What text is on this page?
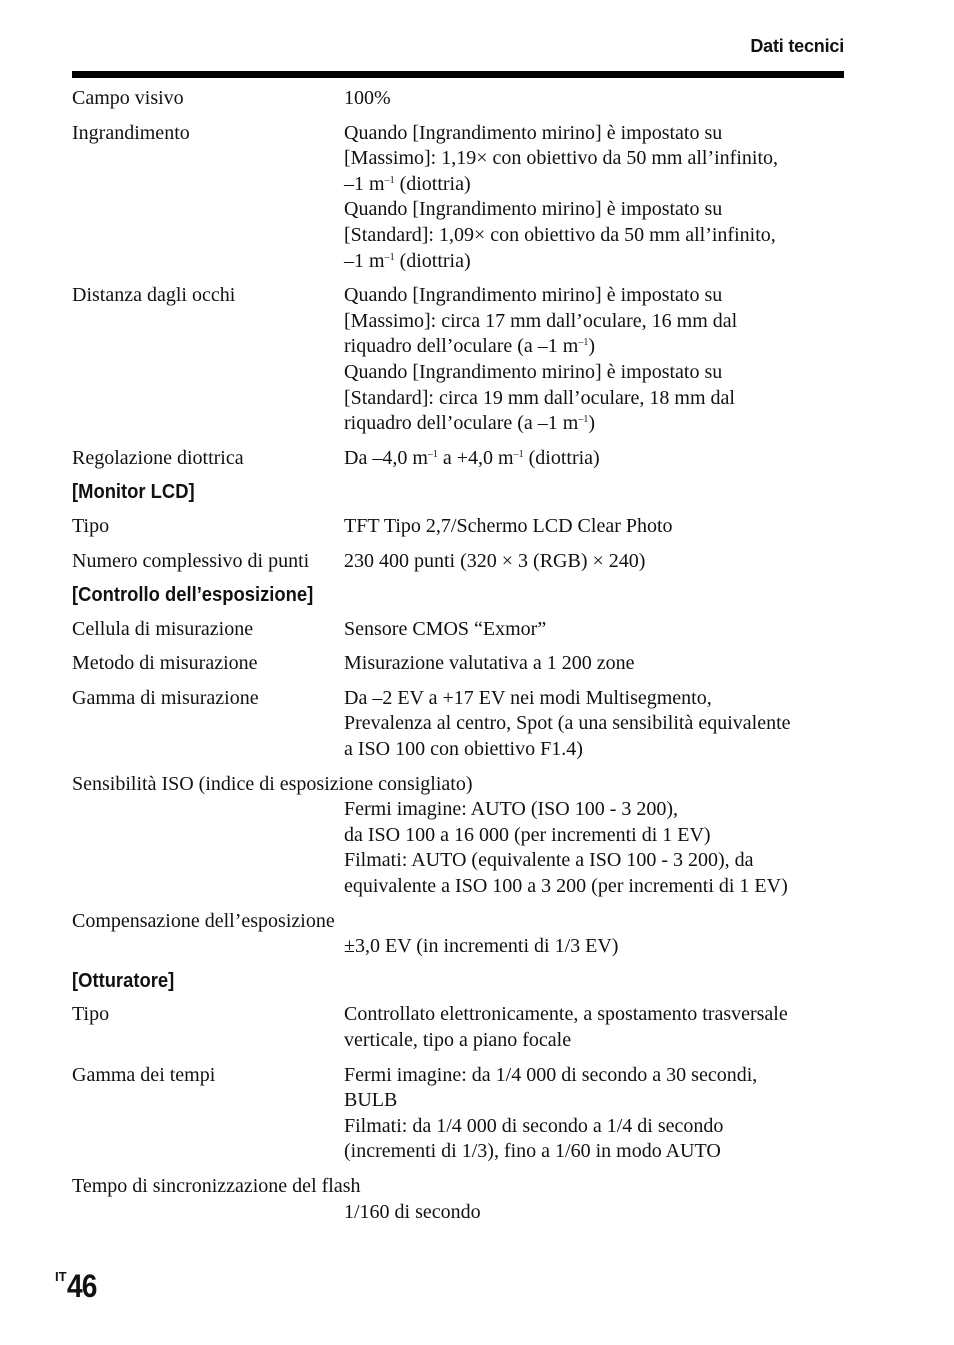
Dati tecnici
Campo visivo	100%
Ingrandimento	Quando [Ingrandimento mirino] è impostato su
[Massimo]: 1,19× con obiettivo da 50 mm all’infinito,
–1 $m^{-1}$ (diottria)
Quando [Ingrandimento mirino] è impostato su
[Standard]: 1,09× con obiettivo da 50 mm all’infinito,
–1 $m^{-1}$ (diottria)
Distanza dagli occhi	Quando [Ingrandimento mirino] è impostato su
[Massimo]: circa 17 mm dall’oculare, 16 mm dal
riquadro dell’oculare (a –1 $m^{-1}$)
Quando [Ingrandimento mirino] è impostato su
[Standard]: circa 19 mm dall’oculare, 18 mm dal
riquadro dell’oculare (a –1 $m^{-1}$)
Regolazione diottrica	Da –4,0 $m^{-1}$ a +4,0 $m^{-1}$ (diottria)
[Monitor LCD]
Tipo	TFT Tipo 2,7/Schermo LCD Clear Photo
Numero complessivo di punti	230 400 punti (320 × 3 (RGB) × 240)
[Controllo dell’esposizione]
Cellula di misurazione	Sensore CMOS “Exmor”
Metodo di misurazione	Misurazione valutativa a 1 200 zone
Gamma di misurazione	Da –2 EV a +17 EV nei modi Multisegmento,
Prevalenza al centro, Spot (a una sensibilità equivalente
a ISO 100 con obiettivo F1.4)
Sensibilità ISO (indice di esposizione consigliato)
Fermi imagine: AUTO (ISO 100 - 3 200),
da ISO 100 a 16 000 (per incrementi di 1 EV)
Filmati: AUTO (equivalente a ISO 100 - 3 200), da
equivalente a ISO 100 a 3 200 (per incrementi di 1 EV)
Compensazione dell’esposizione
±3,0 EV (in incrementi di 1/3 EV)
[Otturatore]
Tipo	Controllato elettronicamente, a spostamento trasversale
verticale, tipo a piano focale
Gamma dei tempi	Fermi imagine: da 1/4 000 di secondo a 30 secondi,
BULB
Filmati: da 1/4 000 di secondo a 1/4 di secondo
(incrementi di 1/3), fino a 1/60 in modo AUTO
Tempo di sincronizzazione del flash
1/160 di secondo
$^{IT}$46
